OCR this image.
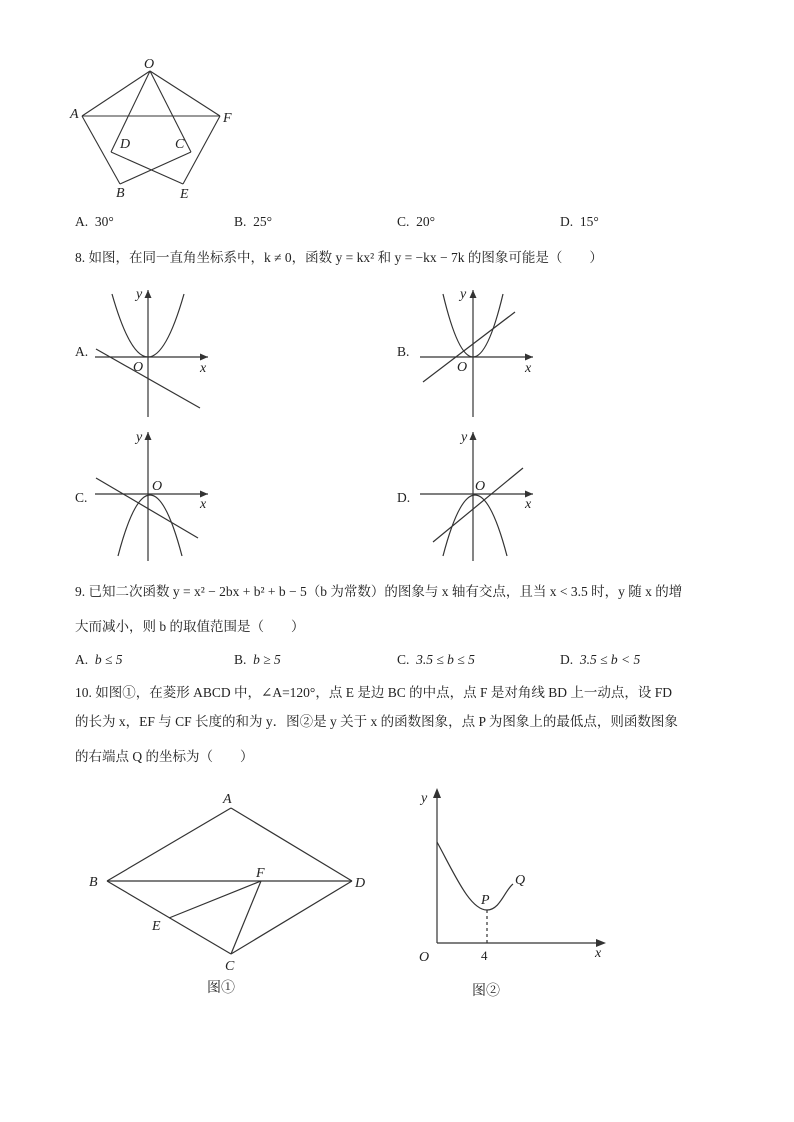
O
A	F
D	C
B	E
A. 30°	B. 25°	C. 20°	D. 15°
8. 如图，在同一直角坐标系中，k ≠ 0，函数 y = kx² 和 y = −kx − 7k 的图象可能是（　　）
A.
y
x
O
B.
y
x
O
C.
y
x
O
D.
y
x
O
9. 已知二次函数 y = x² − 2bx + b² + b − 5（b 为常数）的图象与 x 轴有交点，且当 x < 3.5 时，y 随 x 的增
大而减小，则 b 的取值范围是（　　）
A. b ≤ 5	B. b ≥ 5	C. 3.5 ≤ b ≤ 5	D. 3.5 ≤ b < 5
10. 如图①，在菱形 ABCD 中，∠A=120°，点 E 是边 BC 的中点，点 F 是对角线 BD 上一动点，设 FD
的长为 x，EF 与 CF 长度的和为 y．图②是 y 关于 x 的函数图象，点 P 为图象上的最低点，则函数图象
的右端点 Q 的坐标为（　　）
A
B
C
D
E
F
图①
y
x
O
P
Q
4
图②
